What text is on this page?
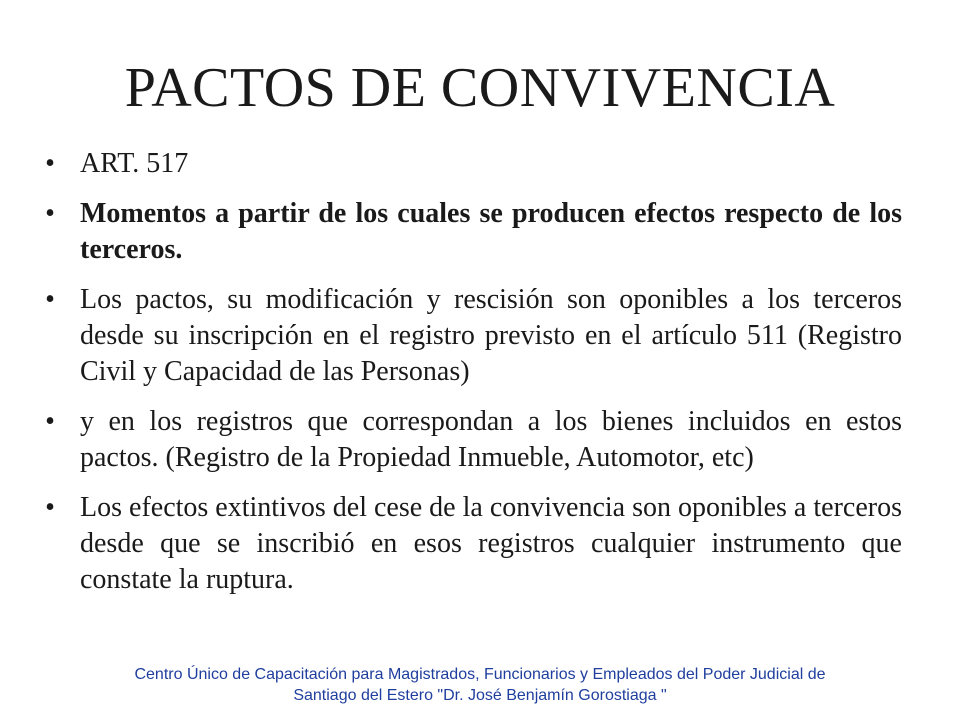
PACTOS DE CONVIVENCIA
• ART. 517
• Momentos a partir de los cuales se producen efectos respecto de los terceros.
• Los pactos, su modificación y rescisión son oponibles a los terceros desde su inscripción en el registro previsto en el artículo 511 (Registro Civil y Capacidad de las Personas)
• y en los registros que correspondan a los bienes incluidos en estos pactos. (Registro de la Propiedad Inmueble, Automotor, etc)
• Los efectos extintivos del cese de la convivencia son oponibles a terceros desde que se inscribió en esos registros cualquier instrumento que constate la ruptura.
Centro Único de Capacitación para Magistrados, Funcionarios y Empleados del Poder Judicial de
Santiago del Estero "Dr. José Benjamín Gorostiaga "
